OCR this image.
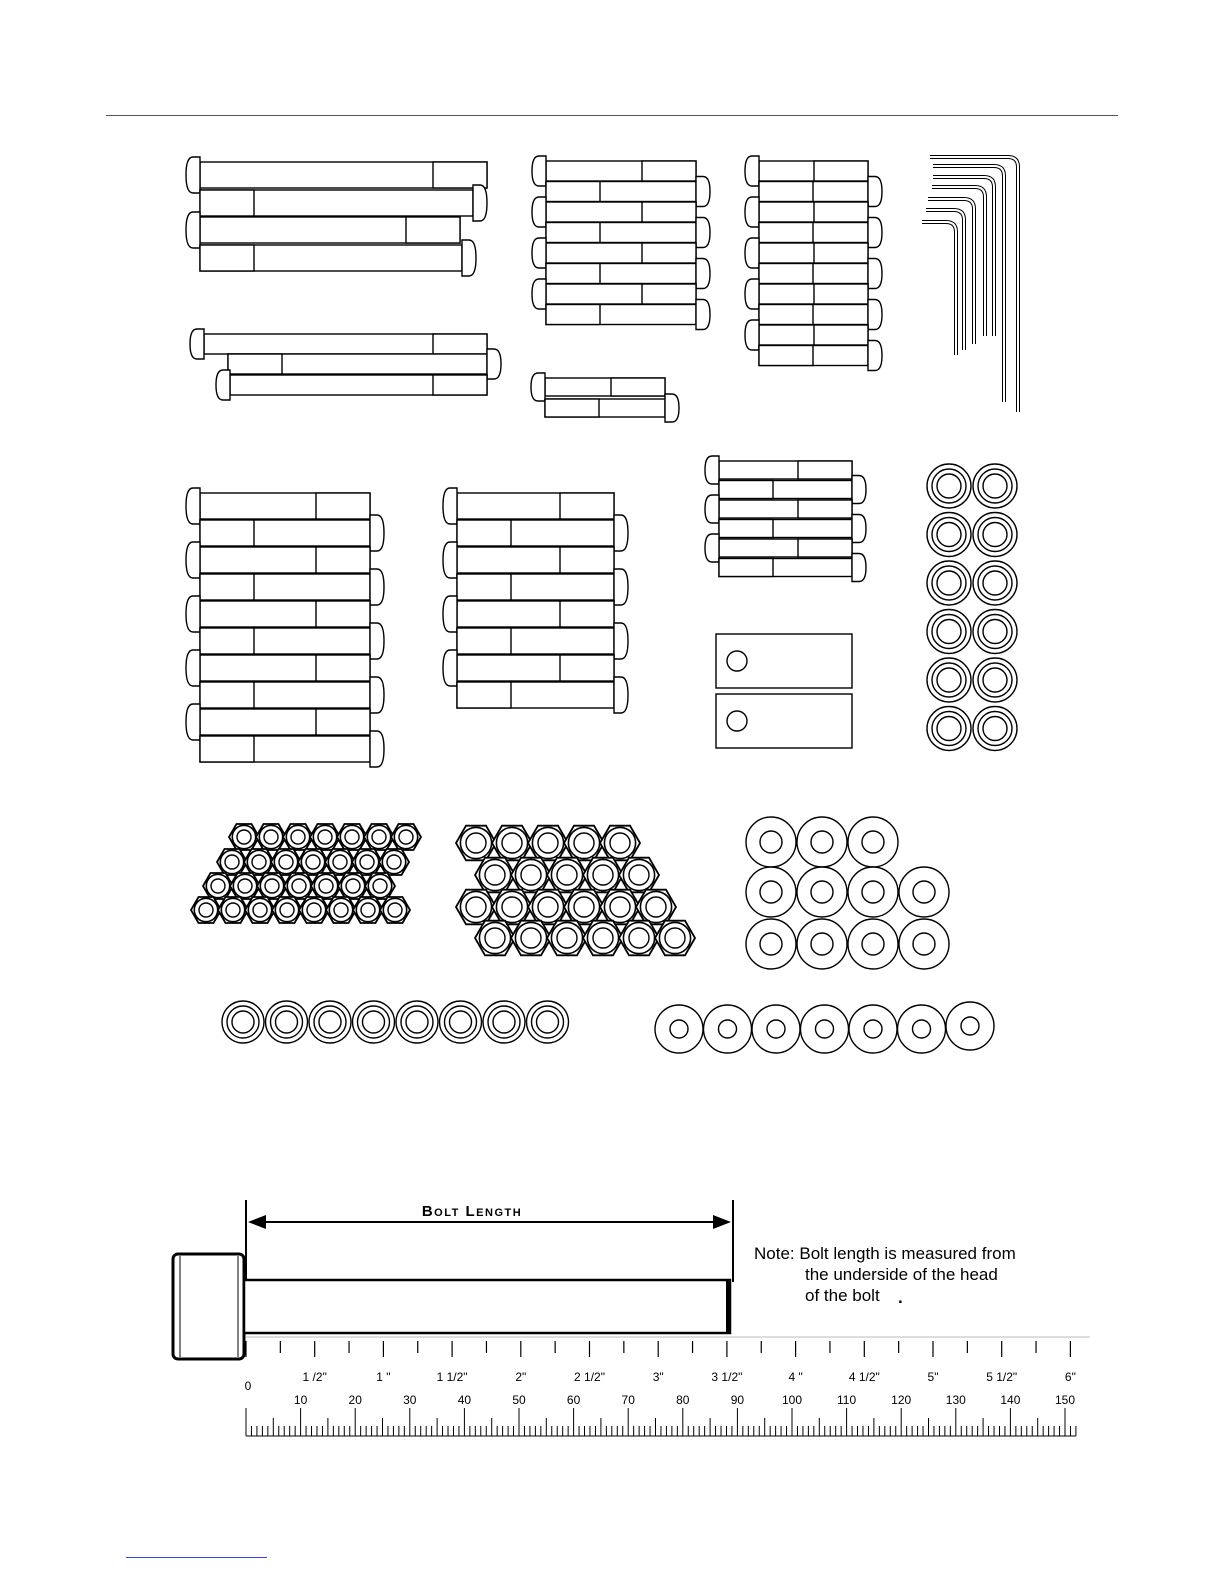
Bolt Length
0
1 /2"	1 "	1 1/2"	2"	2 1/2"	3"	3 1/2"	4 "	4 1/2"	5"	5 1/2"	6"
10	20	30	40	50	60	70	80	90	100	110	120	130	140	150
Note: Bolt length is measured from
the underside of the head
of the bolt	.
